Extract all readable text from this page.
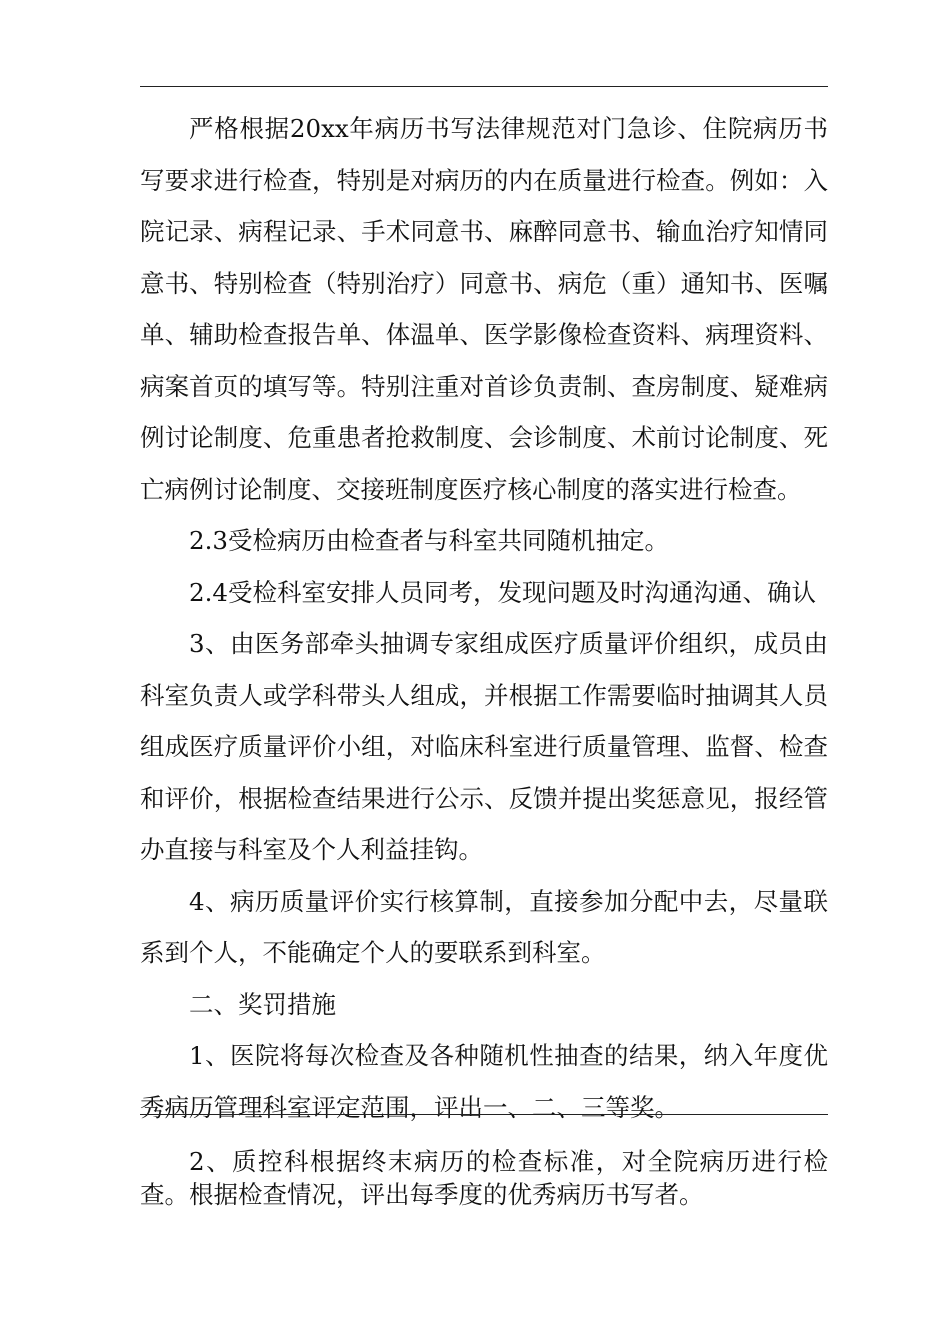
严格根据20xx年病历书写法律规范对门急诊、住院病历书写要求进行检查，特别是对病历的内在质量进行检查。例如：入院记录、病程记录、手术同意书、麻醉同意书、输血治疗知情同意书、特别检查（特别治疗）同意书、病危（重）通知书、医嘱单、辅助检查报告单、体温单、医学影像检查资料、病理资料、病案首页的填写等。特别注重对首诊负责制、查房制度、疑难病例讨论制度、危重患者抢救制度、会诊制度、术前讨论制度、死亡病例讨论制度、交接班制度医疗核心制度的落实进行检查。

2.3受检病历由检查者与科室共同随机抽定。

2.4受检科室安排人员同考，发现问题及时沟通沟通、确认

3、由医务部牵头抽调专家组成医疗质量评价组织，成员由科室负责人或学科带头人组成，并根据工作需要临时抽调其人员组成医疗质量评价小组，对临床科室进行质量管理、监督、检查和评价，根据检查结果进行公示、反馈并提出奖惩意见，报经管办直接与科室及个人利益挂钩。

4、病历质量评价实行核算制，直接参加分配中去，尽量联系到个人，不能确定个人的要联系到科室。

二、奖罚措施

1、医院将每次检查及各种随机性抽查的结果，纳入年度优秀病历管理科室评定范围，评出一、二、三等奖。

2、质控科根据终末病历的检查标准，对全院病历进行检查。根据检查情况，评出每季度的优秀病历书写者。
